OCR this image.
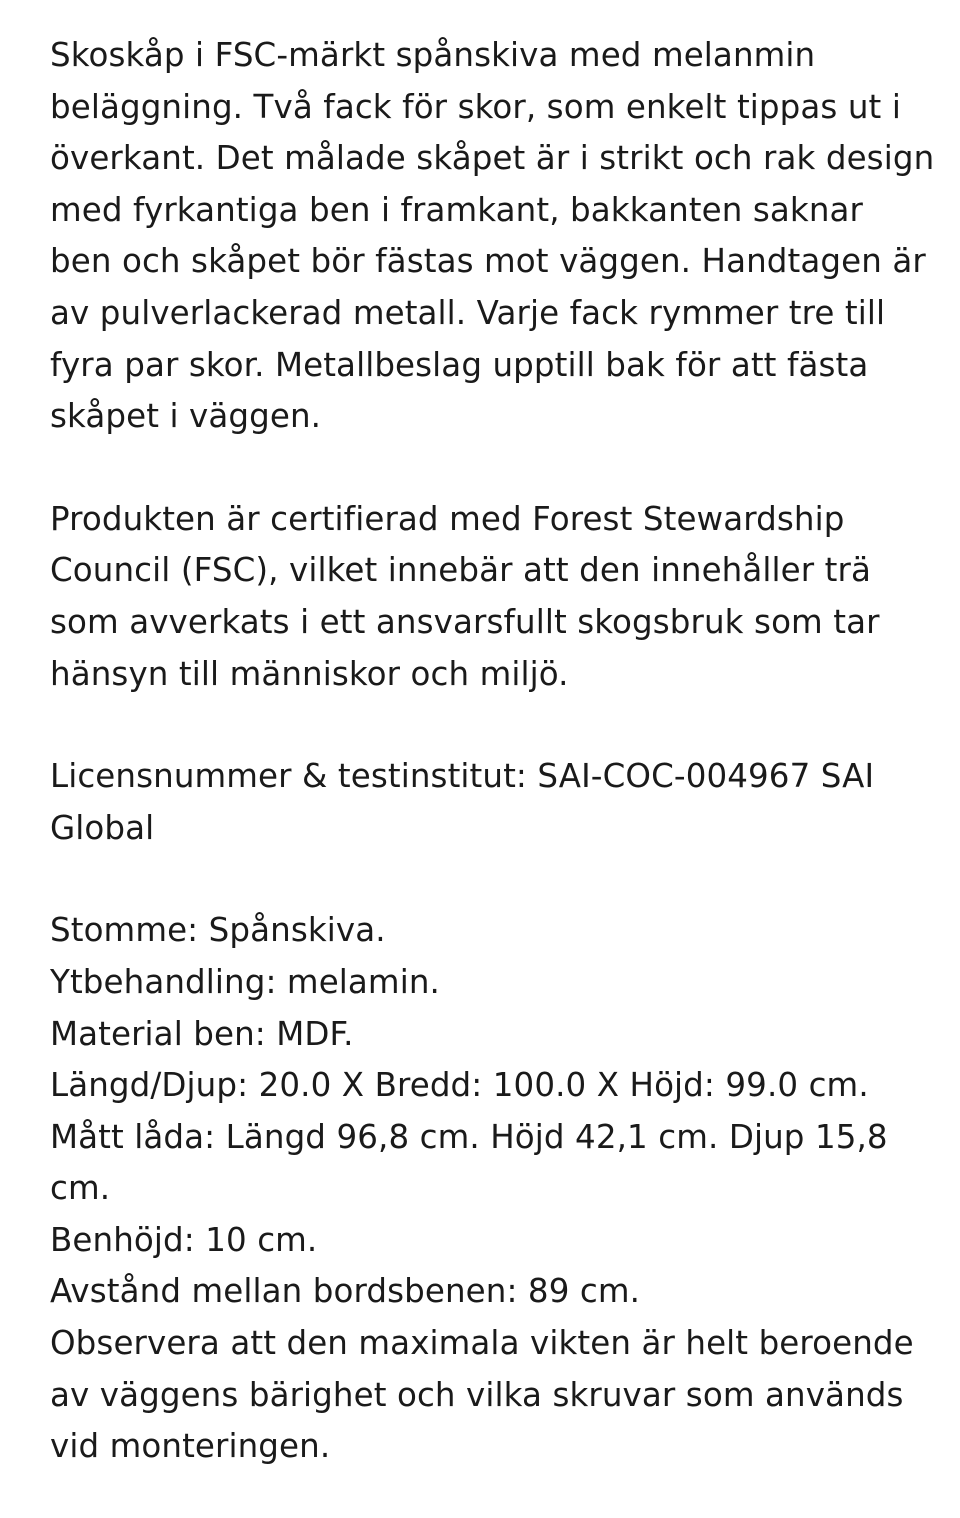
Skoskåp i FSC-märkt spånskiva med melanmin
beläggning. Två fack för skor, som enkelt tippas ut i
överkant. Det målade skåpet är i strikt och rak design
med fyrkantiga ben i framkant, bakkanten saknar
ben och skåpet bör fästas mot väggen. Handtagen är
av pulverlackerad metall. Varje fack rymmer tre till
fyra par skor. Metallbeslag upptill bak för att fästa
skåpet i väggen.

Produkten är certifierad med Forest Stewardship
Council (FSC), vilket innebär att den innehåller trä
som avverkats i ett ansvarsfullt skogsbruk som tar
hänsyn till människor och miljö.

Licensnummer & testinstitut: SAI-COC-004967 SAI
Global

Stomme: Spånskiva.
Ytbehandling: melamin.
Material ben: MDF.
Längd/Djup: 20.0 X Bredd: 100.0 X Höjd: 99.0 cm.
Mått låda: Längd 96,8 cm. Höjd 42,1 cm. Djup 15,8
cm.
Benhöjd: 10 cm.
Avstånd mellan bordsbenen: 89 cm.
Observera att den maximala vikten är helt beroende
av väggens bärighet och vilka skruvar som används
vid monteringen.
